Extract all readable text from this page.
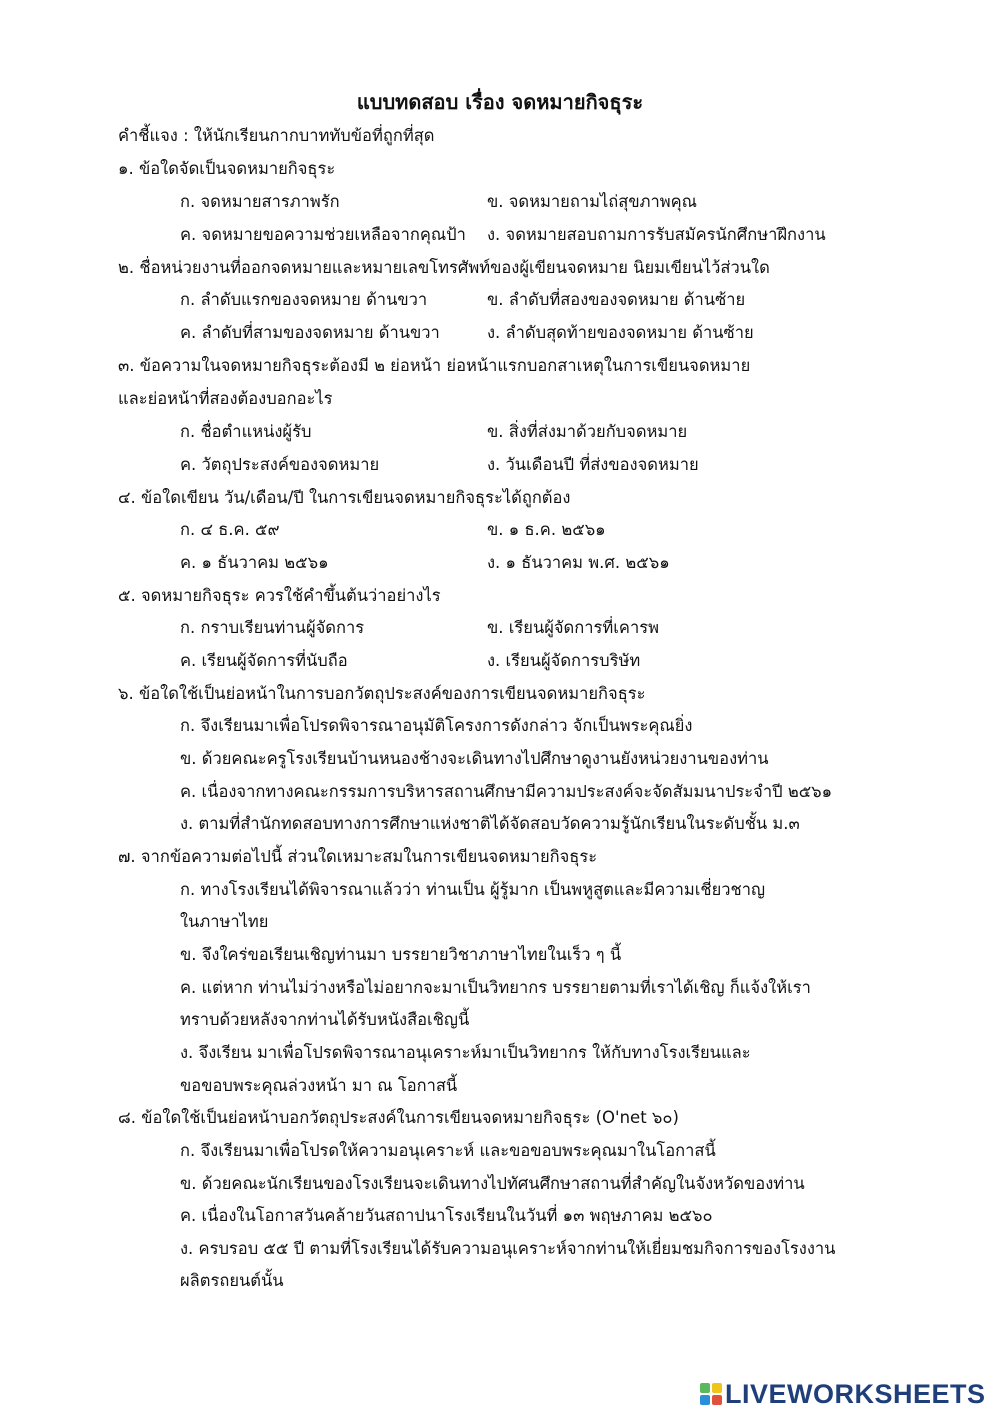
แบบทดสอบ เรื่อง จดหมายกิจธุระ
คำชี้แจง : ให้นักเรียนกากบาททับข้อที่ถูกที่สุด
๑. ข้อใดจัดเป็นจดหมายกิจธุระ
ก. จดหมายสารภาพรัก	ข. จดหมายถามไถ่สุขภาพคุณ
ค. จดหมายขอความช่วยเหลือจากคุณป้า ง. จดหมายสอบถามการรับสมัครนักศึกษาฝึกงาน
๒. ชื่อหน่วยงานที่ออกจดหมายและหมายเลขโทรศัพท์ของผู้เขียนจดหมาย นิยมเขียนไว้ส่วนใด
ก. ลำดับแรกของจดหมาย ด้านขวา	ข. ลำดับที่สองของจดหมาย ด้านซ้าย
ค. ลำดับที่สามของจดหมาย ด้านขวา	ง. ลำดับสุดท้ายของจดหมาย ด้านซ้าย
๓. ข้อความในจดหมายกิจธุระต้องมี ๒ ย่อหน้า ย่อหน้าแรกบอกสาเหตุในการเขียนจดหมาย
และย่อหน้าที่สองต้องบอกอะไร
ก. ชื่อตำแหน่งผู้รับ	ข. สิ่งที่ส่งมาด้วยกับจดหมาย
ค. วัตถุประสงค์ของจดหมาย	ง. วันเดือนปี ที่ส่งของจดหมาย
๔. ข้อใดเขียน วัน/เดือน/ปี ในการเขียนจดหมายกิจธุระได้ถูกต้อง
ก. ๔ ธ.ค. ๕๙	ข. ๑ ธ.ค. ๒๕๖๑
ค. ๑ ธันวาคม ๒๕๖๑	ง. ๑ ธันวาคม พ.ศ. ๒๕๖๑
๕. จดหมายกิจธุระ ควรใช้คำขึ้นต้นว่าอย่างไร
ก. กราบเรียนท่านผู้จัดการ	ข. เรียนผู้จัดการที่เคารพ
ค. เรียนผู้จัดการที่นับถือ	ง. เรียนผู้จัดการบริษัท
๖. ข้อใดใช้เป็นย่อหน้าในการบอกวัตถุประสงค์ของการเขียนจดหมายกิจธุระ
ก. จึงเรียนมาเพื่อโปรดพิจารณาอนุมัติโครงการดังกล่าว จักเป็นพระคุณยิ่ง
ข. ด้วยคณะครูโรงเรียนบ้านหนองช้างจะเดินทางไปศึกษาดูงานยังหน่วยงานของท่าน
ค. เนื่องจากทางคณะกรรมการบริหารสถานศึกษามีความประสงค์จะจัดสัมมนาประจำปี ๒๕๖๑
ง. ตามที่สำนักทดสอบทางการศึกษาแห่งชาติได้จัดสอบวัดความรู้นักเรียนในระดับชั้น ม.๓
๗. จากข้อความต่อไปนี้ ส่วนใดเหมาะสมในการเขียนจดหมายกิจธุระ
ก. ทางโรงเรียนได้พิจารณาแล้วว่า ท่านเป็น ผู้รู้มาก เป็นพหูสูตและมีความเชี่ยวชาญ
ในภาษาไทย
ข. จึงใคร่ขอเรียนเชิญท่านมา บรรยายวิชาภาษาไทยในเร็ว ๆ นี้
ค. แต่หาก ท่านไม่ว่างหรือไม่อยากจะมาเป็นวิทยากร บรรยายตามที่เราได้เชิญ ก็แจ้งให้เรา
ทราบด้วยหลังจากท่านได้รับหนังสือเชิญนี้
ง. จึงเรียน มาเพื่อโปรดพิจารณาอนุเคราะห์มาเป็นวิทยากร ให้กับทางโรงเรียนและ
ขอขอบพระคุณล่วงหน้า มา ณ โอกาสนี้
๘. ข้อใดใช้เป็นย่อหน้าบอกวัตถุประสงค์ในการเขียนจดหมายกิจธุระ (O'net ๖๐)
ก. จึงเรียนมาเพื่อโปรดให้ความอนุเคราะห์ และขอขอบพระคุณมาในโอกาสนี้
ข. ด้วยคณะนักเรียนของโรงเรียนจะเดินทางไปทัศนศึกษาสถานที่สำคัญในจังหวัดของท่าน
ค. เนื่องในโอกาสวันคล้ายวันสถาปนาโรงเรียนในวันที่ ๑๓ พฤษภาคม ๒๕๖๐
ง. ครบรอบ ๕๕ ปี ตามที่โรงเรียนได้รับความอนุเคราะห์จากท่านให้เยี่ยมชมกิจการของโรงงาน
ผลิตรถยนต์นั้น
LIVEWORKSHEETS
